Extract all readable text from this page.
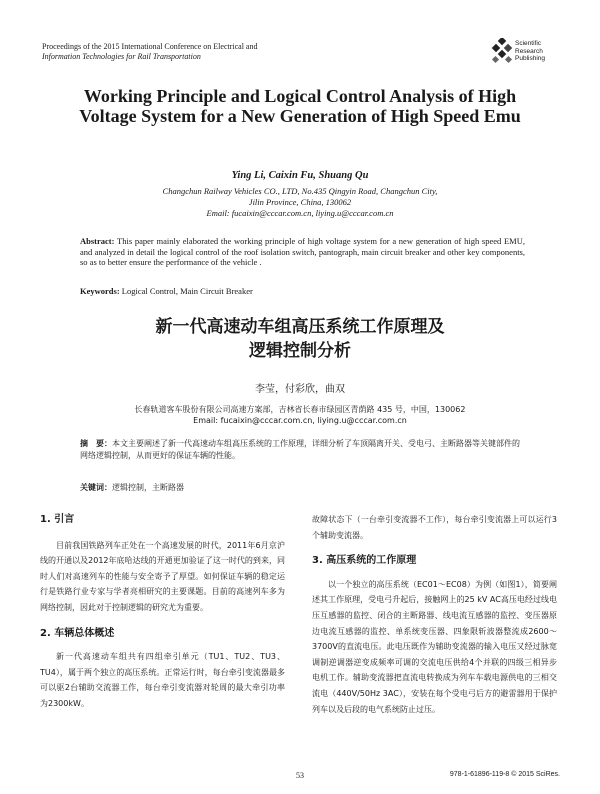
Proceedings of the 2015 International Conference on Electrical and
Information Technologies for Rail Transportation
Scientific
Research
Publishing
Working Principle and Logical Control Analysis of High Voltage System for a New Generation of High Speed Emu
Ying Li, Caixin Fu, Shuang Qu
Changchun Railway Vehicles CO., LTD, No.435 Qingyin Road, Changchun City,
Jilin Province, China, 130062
Email: fucaixin@cccar.com.cn, liying.u@cccar.com.cn
Abstract: This paper mainly elaborated the working principle of high voltage system for a new generation of high speed EMU, and analyzed in detail the logical control of the roof isolation switch, pantograph, main circuit breaker and other key components, so as to better ensure the performance of the vehicle .
Keywords: Logical Control, Main Circuit Breaker
新一代高速动车组高压系统工作原理及
逻辑控制分析
李莹，付彩欣，曲双
长春轨道客车股份有限公司高速方案部，吉林省长春市绿园区青荫路 435 号，中国，130062
Email: fucaixin@cccar.com.cn, liying.u@cccar.com.cn
摘　要：本文主要阐述了新一代高速动车组高压系统的工作原理，详细分析了车顶隔离开关、受电弓、主断路器等关键部件的网络逻辑控制，从而更好的保证车辆的性能。
关键词：逻辑控制，主断路器
1. 引言

目前我国铁路列车正处在一个高速发展的时代，2011年6月京沪线的开通以及2012年底哈达线的开通更加验证了这一时代的到来，同时人们对高速列车的性能与安全寄予了厚望。如何保证车辆的稳定运行是铁路行业专家与学者亮相研究的主要课题。目前的高速列车多为网络控制，因此对于控制逻辑的研究尤为重要。

2. 车辆总体概述

新一代高速动车组共有四组牵引单元（TU1、TU2、TU3、TU4），属于两个独立的高压系统。正常运行时，每台牵引变流器最多可以驱2台辅助交流器工作，每台牵引变流器对轮周的最大牵引功率为2300kW。

故障状态下（一台牵引变流器不工作），每台牵引变流器上可以运行3个辅助变流器。

3. 高压系统的工作原理

以一个独立的高压系统（EC01～EC08）为例（如图1），简要阐述其工作原理，受电弓升起后，接触网上的25 kV AC高压电经过线电压互感器的监控、闭合的主断路器、线电流互感器的监控、变压器原边电流互感器的监控、单系统变压器、四象限斩波器整流成2600～3700V的直流电压。此电压既作为辅助变流器的输入电压又经过脉宽调制逆调器逆变成频率可调的交流电压供给4个并联的四级三相异步电机工作。辅助变流器把直流电转换成为列车车载电源供电的三相交流电（440V/50Hz 3AC），安装在每个受电弓后方的避雷器用于保护列车以及后段的电气系统防止过压。

53	978-1-61896-119-8 © 2015 SciRes.
